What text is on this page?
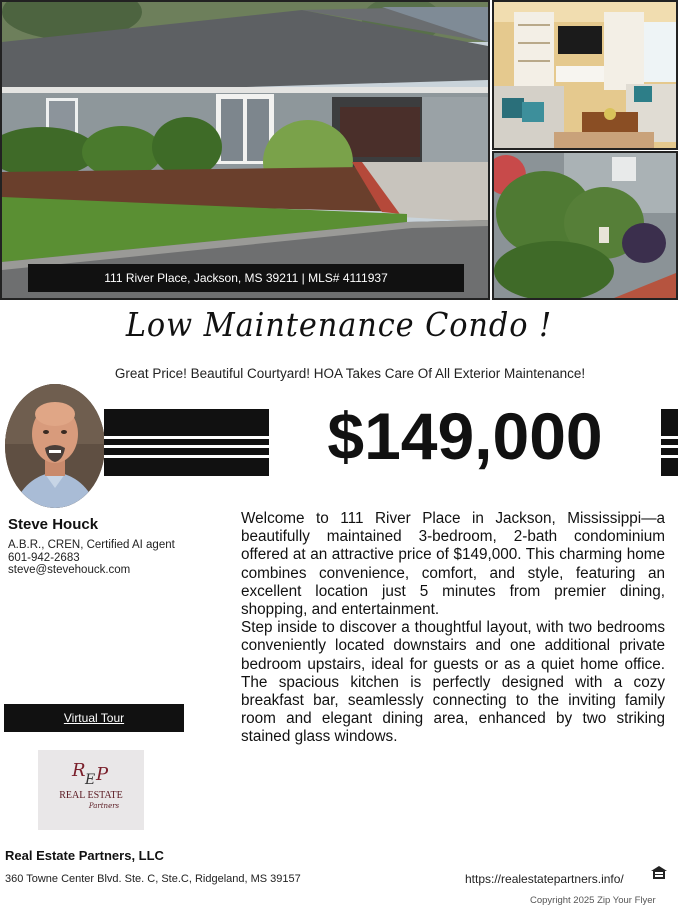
111 River Place, Jackson, MS 39211 | MLS# 4111937
Low Maintenance Condo !
Great Price! Beautiful Courtyard! HOA Takes Care Of All Exterior Maintenance!
$149,000
Steve Houck
A.B.R., CREN, Certified AI agent
601-942-2683
steve@stevehouck.com

Welcome to 111 River Place in Jackson, Mississippi—a beautifully maintained 3-bedroom, 2-bath condominium offered at an attractive price of $149,000. This charming home combines convenience, comfort, and style, featuring an excellent location just 5 minutes from premier dining, shopping, and entertainment.

Step inside to discover a thoughtful layout, with two bedrooms conveniently located downstairs and one additional private bedroom upstairs, ideal for guests or as a quiet home office. The spacious kitchen is perfectly designed with a cozy breakfast bar, seamlessly connecting to the inviting family room and elegant dining area, enhanced by two striking stained glass windows.

Virtual Tour
R E P
REAL ESTATE
Partners
Real Estate Partners, LLC
360 Towne Center Blvd. Ste. C, Ste.C, Ridgeland, MS 39157	https://realestatepartners.info/
Copyright 2025 Zip Your Flyer
